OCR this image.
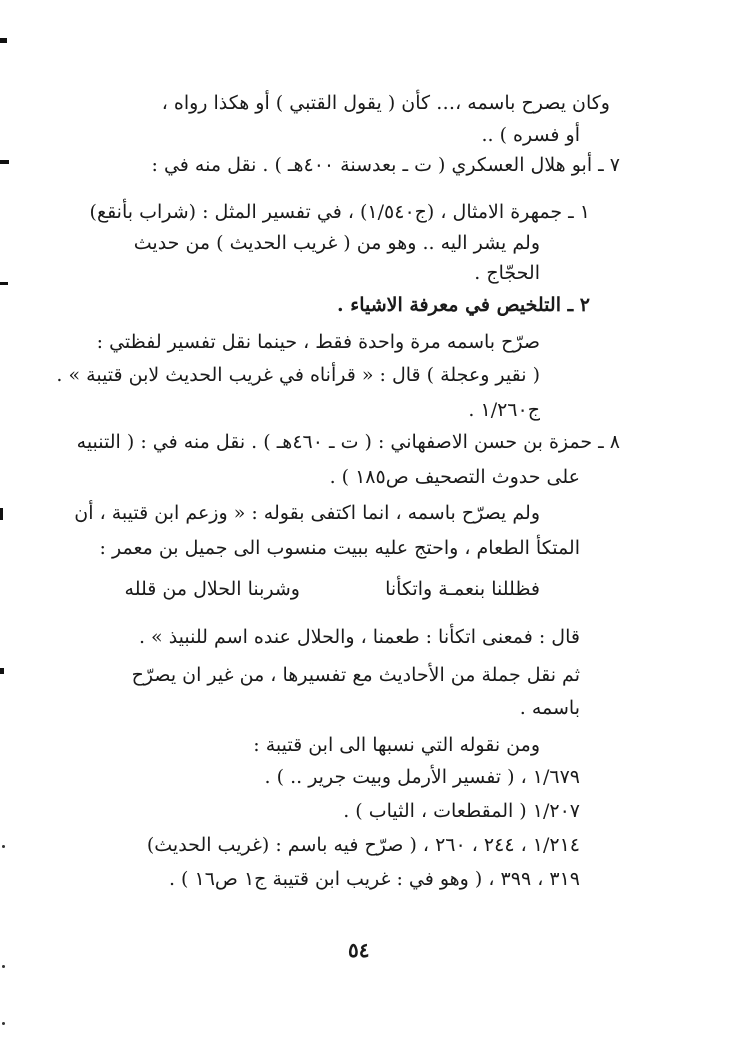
وكان يصرح باسمه ،… كأن ( يقول القتبي ) أو هكذا رواه ،
أو فسره ) ..
٧ ـ أبو هلال العسكري ( ت ـ بعدسنة ٤٠٠هـ ) . نقل منه في :
١ ـ جمهرة الامثال ، (ج١/٥٤٠) ، في تفسير المثل : (شراب بأنقع)
ولم يشر اليه .. وهو من ( غريب الحديث ) من حديث
الحجّاج .
٢ ـ التلخيص في معرفة الاشياء .
صرّح باسمه مرة واحدة فقط ، حينما نقل تفسير لفظتي :
( نقير وعجلة ) قال : « قرأناه في غريب الحديث لابن قتيبة » .
ج١/٢٦٠ .
٨ ـ حمزة بن حسن الاصفهاني : ( ت ـ ٤٦٠هـ ) . نقل منه في : ( التنبيه
على حدوث التصحيف ص١٨٥ ) .
ولم يصرّح باسمه ، انما اكتفى بقوله : « وزعم ابن قتيبة ، أن
المتكأ الطعام ، واحتج عليه ببيت منسوب الى جميل بن معمر :
فظللنا بنعمـة واتكأنا
وشربنا الحلال من قلله
قال : فمعنى اتكأنا : طعمنا ، والحلال عنده اسم للنبيذ » .
ثم نقل جملة من الأحاديث مع تفسيرها ، من غير ان يصرّح
باسمه .
ومن نقوله التي نسبها الى ابن قتيبة :
١/٦٧٩ ، ( تفسير الأرمل وبيت جرير .. ) .
١/٢٠٧ ( المقطعات ، الثياب ) .
١/٢١٤ ، ٢٤٤ ، ٢٦٠ ، ( صرّح فيه باسم : (غريب الحديث)
٣١٩ ، ٣٩٩ ، ( وهو في : غريب ابن قتيبة ج١ ص١٦ ) .
٥٤
